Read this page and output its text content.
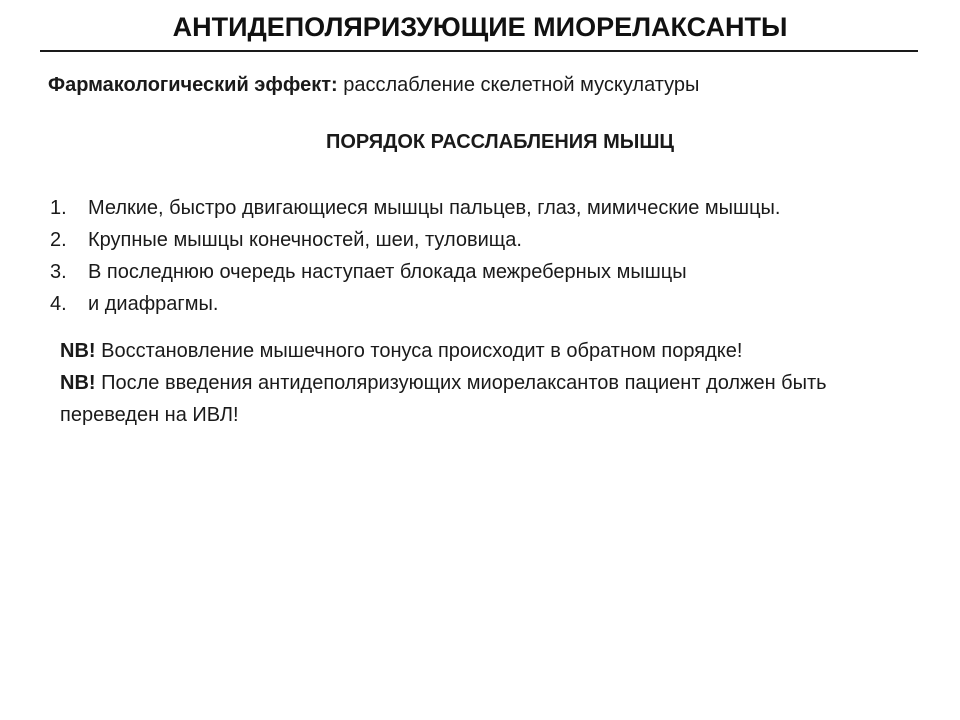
АНТИДЕПОЛЯРИЗУЮЩИЕ МИОРЕЛАКСАНТЫ
Фармакологический эффект: расслабление скелетной мускулатуры
ПОРЯДОК РАССЛАБЛЕНИЯ МЫШЦ
1. Мелкие, быстро двигающиеся мышцы пальцев, глаз, мимические мышцы.
2. Крупные мышцы конечностей, шеи, туловища.
3. В последнюю очередь наступает блокада межреберных мышцы
4. и диафрагмы.

NB! Восстановление мышечного тонуса происходит в обратном порядке!

NB! После введения антидеполяризующих миорелаксантов пациент должен быть переведен на ИВЛ!
